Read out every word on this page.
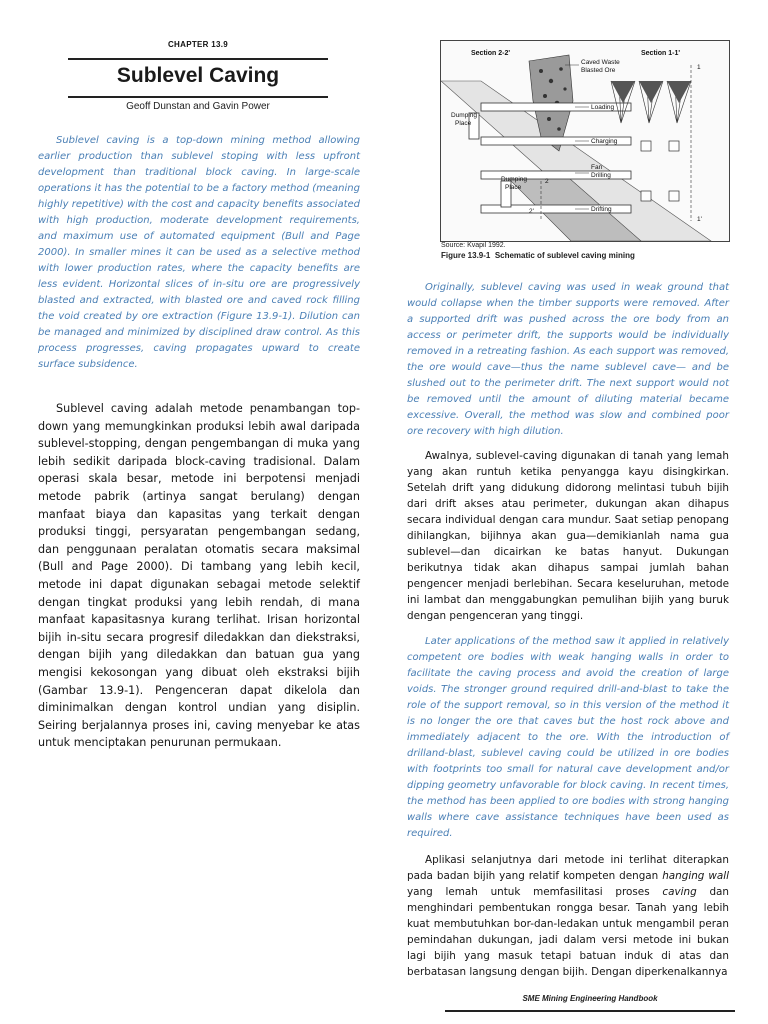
CHAPTER 13.9
Sublevel Caving
Geoff Dunstan and Gavin Power

Sublevel caving is a top-down mining method allowing earlier production than sublevel stoping with less upfront development than traditional block caving. In large-scale operations it has the potential to be a factory method (meaning highly repetitive) with the cost and capacity benefits associated with high production, moderate development requirements, and maximum use of automated equipment (Bull and Page 2000). In smaller mines it can be used as a selective method with lower production rates, where the capacity benefits are less evident. Horizontal slices of in-situ ore are progressively blasted and extracted, with blasted ore and caved rock filling the void created by ore extraction (Figure 13.9-1). Dilution can be managed and minimized by disciplined draw control. As this process progresses, caving propagates upward to create surface subsidence.

Sublevel caving adalah metode penambangan top-down yang memungkinkan produksi lebih awal daripada sublevel-stopping, dengan pengembangan di muka yang lebih sedikit daripada block-caving tradisional. Dalam operasi skala besar, metode ini berpotensi menjadi metode pabrik (artinya sangat berulang) dengan manfaat biaya dan kapasitas yang terkait dengan produksi tinggi, persyaratan pengembangan sedang, dan penggunaan peralatan otomatis secara maksimal (Bull and Page 2000). Di tambang yang lebih kecil, metode ini dapat digunakan sebagai metode selektif dengan tingkat produksi yang lebih rendah, di mana manfaat kapasitasnya kurang terlihat. Irisan horizontal bijih in-situ secara progresif diledakkan dan diekstraksi, dengan bijih yang diledakkan dan batuan gua yang mengisi kekosongan yang dibuat oleh ekstraksi bijih (Gambar 13.9-1). Pengenceran dapat dikelola dan diminimalkan dengan kontrol undian yang disiplin. Seiring berjalannya proses ini, caving menyebar ke atas untuk menciptakan penurunan permukaan.

Section 2-2'	Section 1-1'
Caved Waste
Blasted Ore
Loading
Charging
Fan
Drilling
Drifting
Dumping
Place
Dumping
Place
1
1'
2
2'
Source: Kvapil 1992.
Figure 13.9-1 Schematic of sublevel caving mining

Originally, sublevel caving was used in weak ground that would collapse when the timber supports were removed. After a supported drift was pushed across the ore body from an access or perimeter drift, the supports would be individually removed in a retreating fashion. As each support was removed, the ore would cave—thus the name sublevel cave— and be slushed out to the perimeter drift. The next support would not be removed until the amount of diluting material became excessive. Overall, the method was slow and combined poor ore recovery with high dilution.

Awalnya, sublevel-caving digunakan di tanah yang lemah yang akan runtuh ketika penyangga kayu disingkirkan. Setelah drift yang didukung didorong melintasi tubuh bijih dari drift akses atau perimeter, dukungan akan dihapus secara individual dengan cara mundur. Saat setiap penopang dihilangkan, bijihnya akan gua—demikianlah nama gua sublevel—dan dicairkan ke batas hanyut. Dukungan berikutnya tidak akan dihapus sampai jumlah bahan pengencer menjadi berlebihan. Secara keseluruhan, metode ini lambat dan menggabungkan pemulihan bijih yang buruk dengan pengenceran yang tinggi.

Later applications of the method saw it applied in relatively competent ore bodies with weak hanging walls in order to facilitate the caving process and avoid the creation of large voids. The stronger ground required drill-and-blast to take the role of the support removal, so in this version of the method it is no longer the ore that caves but the host rock above and immediately adjacent to the ore. With the introduction of drilland-blast, sublevel caving could be utilized in ore bodies with footprints too small for natural cave development and/or dipping geometry unfavorable for block caving. In recent times, the method has been applied to ore bodies with strong hanging walls where cave assistance techniques have been used as required.

Aplikasi selanjutnya dari metode ini terlihat diterapkan pada badan bijih yang relatif kompeten dengan hanging wall yang lemah untuk memfasilitasi proses caving dan menghindari pembentukan rongga besar. Tanah yang lebih kuat membutuhkan bor-dan-ledakan untuk mengambil peran pemindahan dukungan, jadi dalam versi metode ini bukan lagi bijih yang masuk tetapi batuan induk di atas dan berbatasan langsung dengan bijih. Dengan diperkenalkannya

SME Mining Engineering Handbook
